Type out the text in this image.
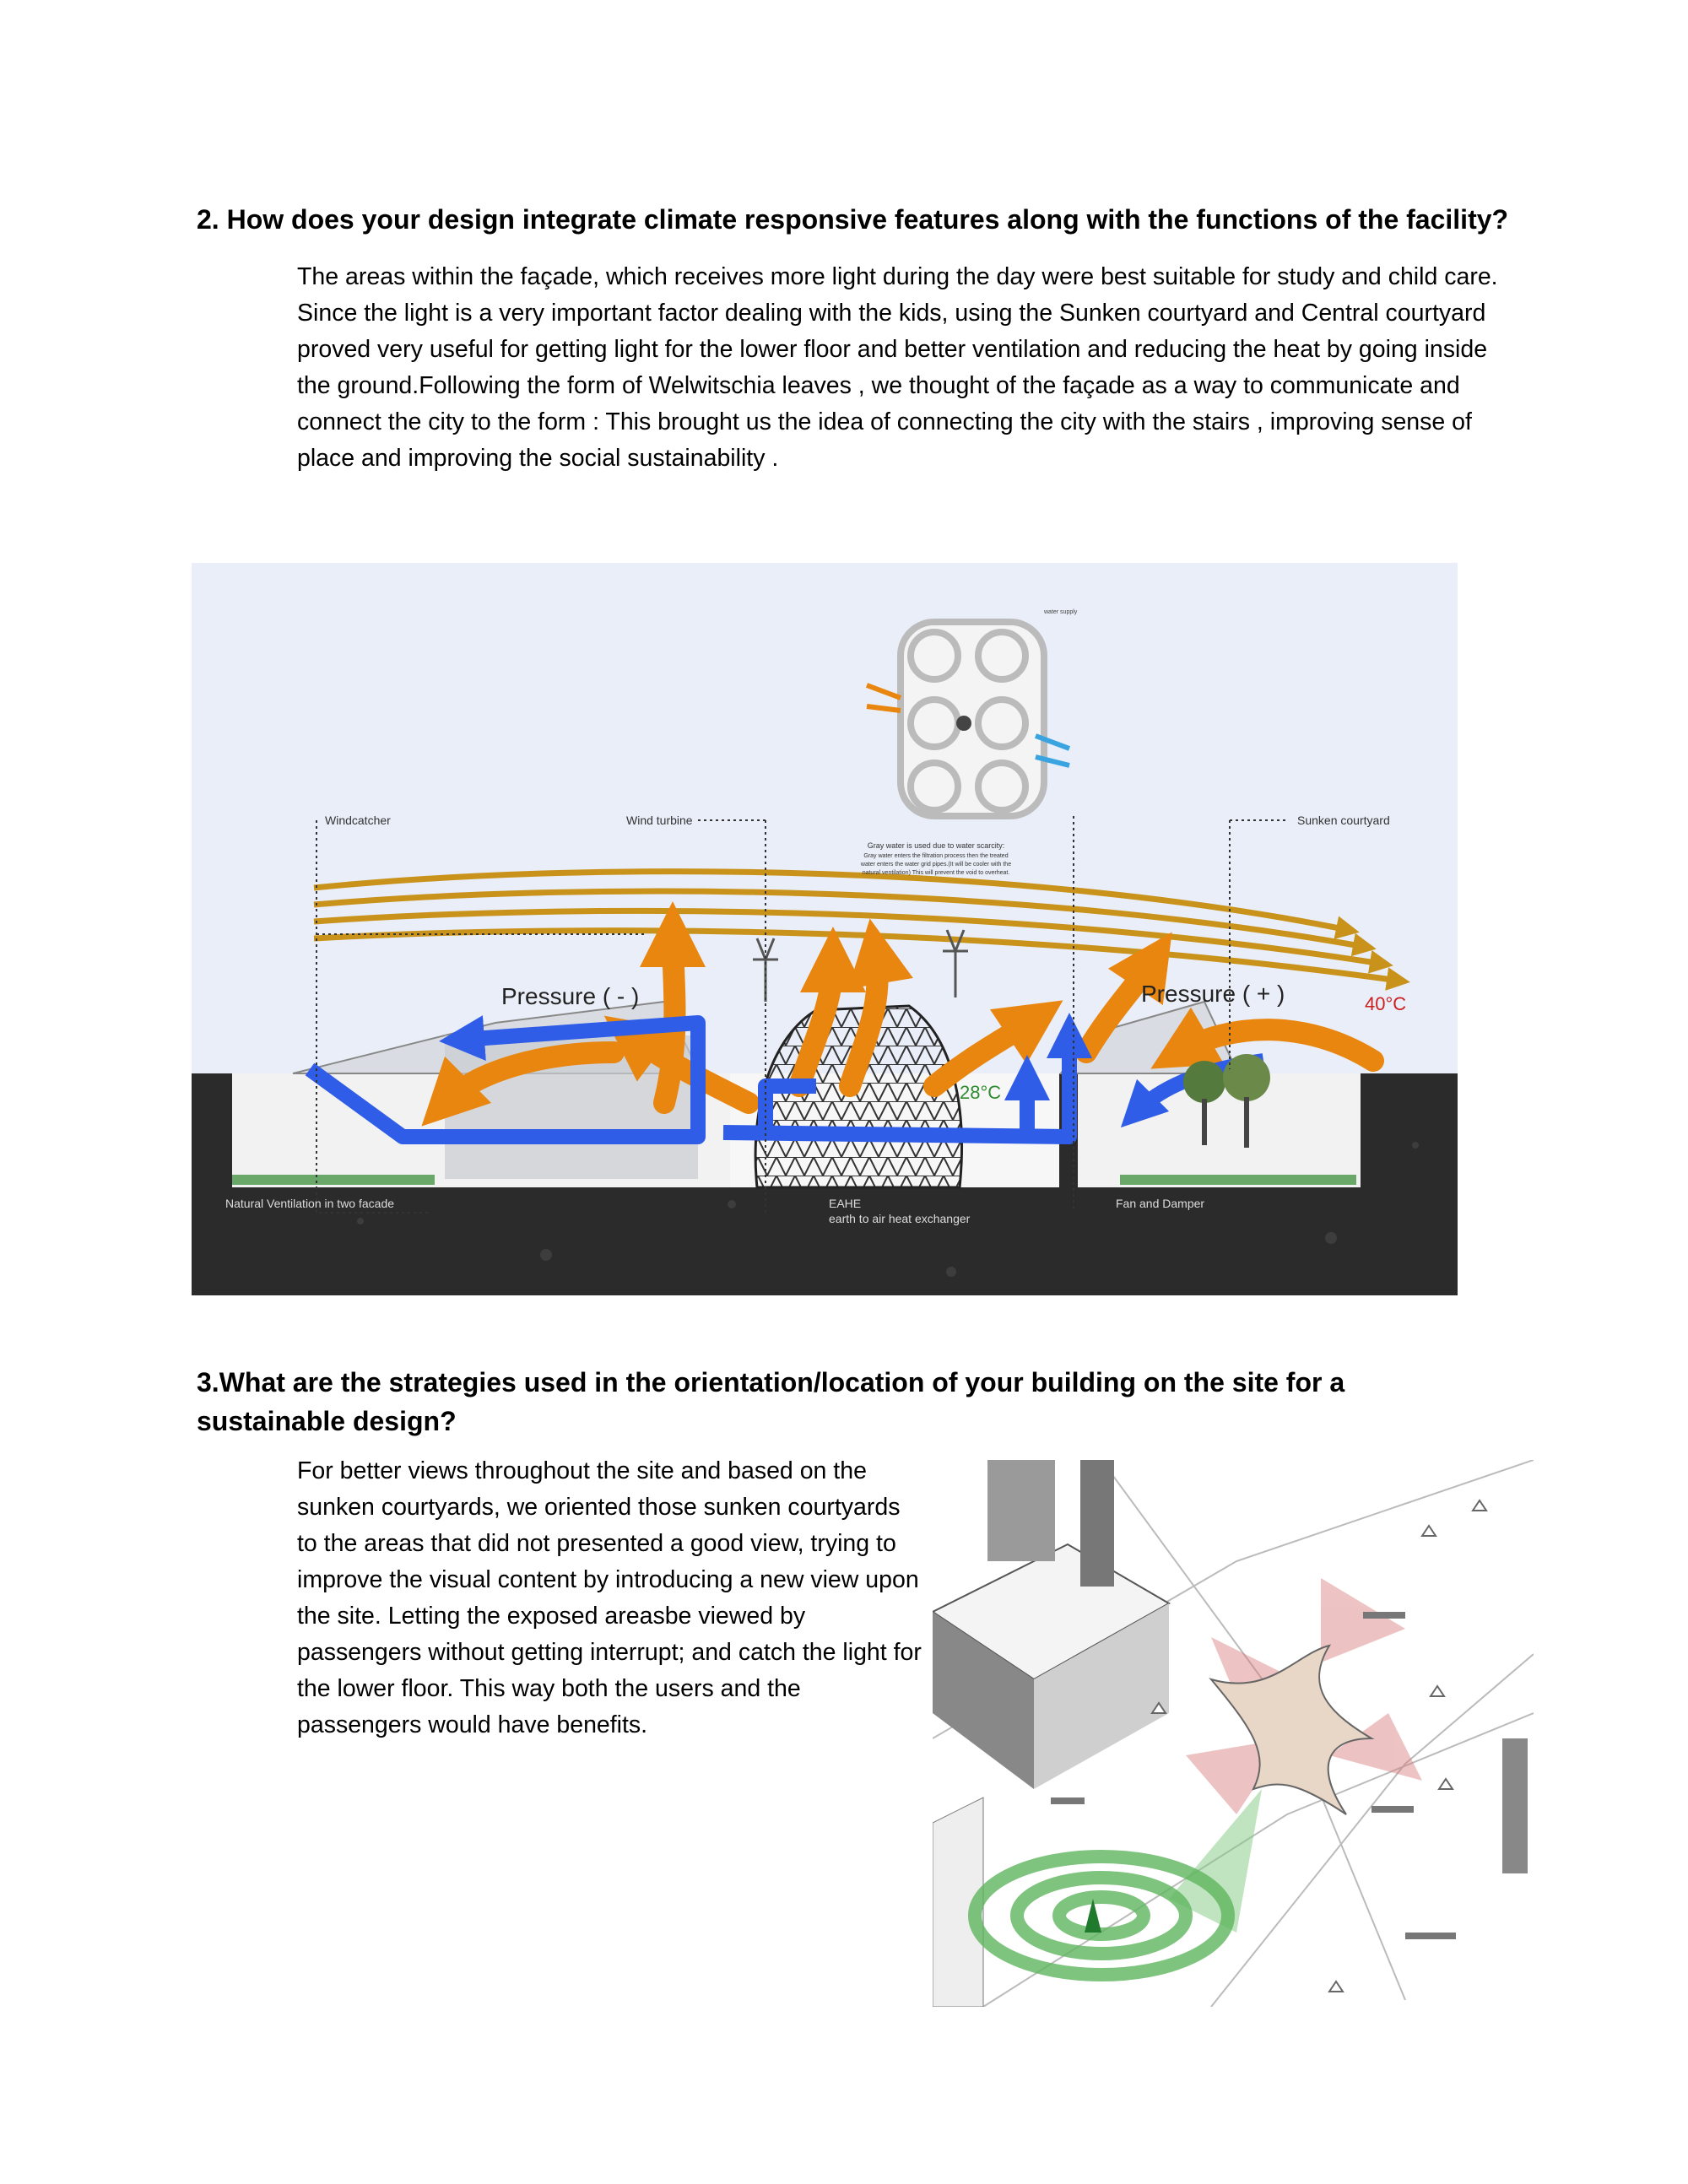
2. How does your design integrate climate responsive features along with the functions of the facility?

The areas within the façade, which receives more light during the day were best suitable for study and child care. Since the light is a very important factor dealing with the kids, using the Sunken courtyard and Central courtyard proved very useful for getting light for the lower floor and better ventilation and reducing the heat by going inside the ground.Following the form of Welwitschia leaves , we thought of the façade as a way to communicate and connect the city to the form : This brought us the idea of connecting the city with the stairs , improving sense of place and improving the social sustainability .

Windcatcher	Wind turbine	Sunken courtyard
water supply
Gray water is used due to water scarcity:
Gray water enters the filtration process then the treated
water enters the water grid pipes.(It will be cooler with the
natural ventilation) This will prevent the void to overheat.
Pressure ( - )	Pressure ( + )	40°C
28°C
Natural Ventilation in two facade	EAHE
earth to air heat exchanger
Fan and Damper
3.What are the strategies used in the orientation/location of your building on the site for a sustainable design?

For better views throughout the site and based on the sunken courtyards, we oriented those sunken courtyards to the areas that did not presented a good view, trying to improve the visual content by introducing a new view upon the site. Letting the exposed areasbe viewed by passengers without getting interrupt; and catch the light for the lower floor. This way both the users and the passengers would have benefits.
